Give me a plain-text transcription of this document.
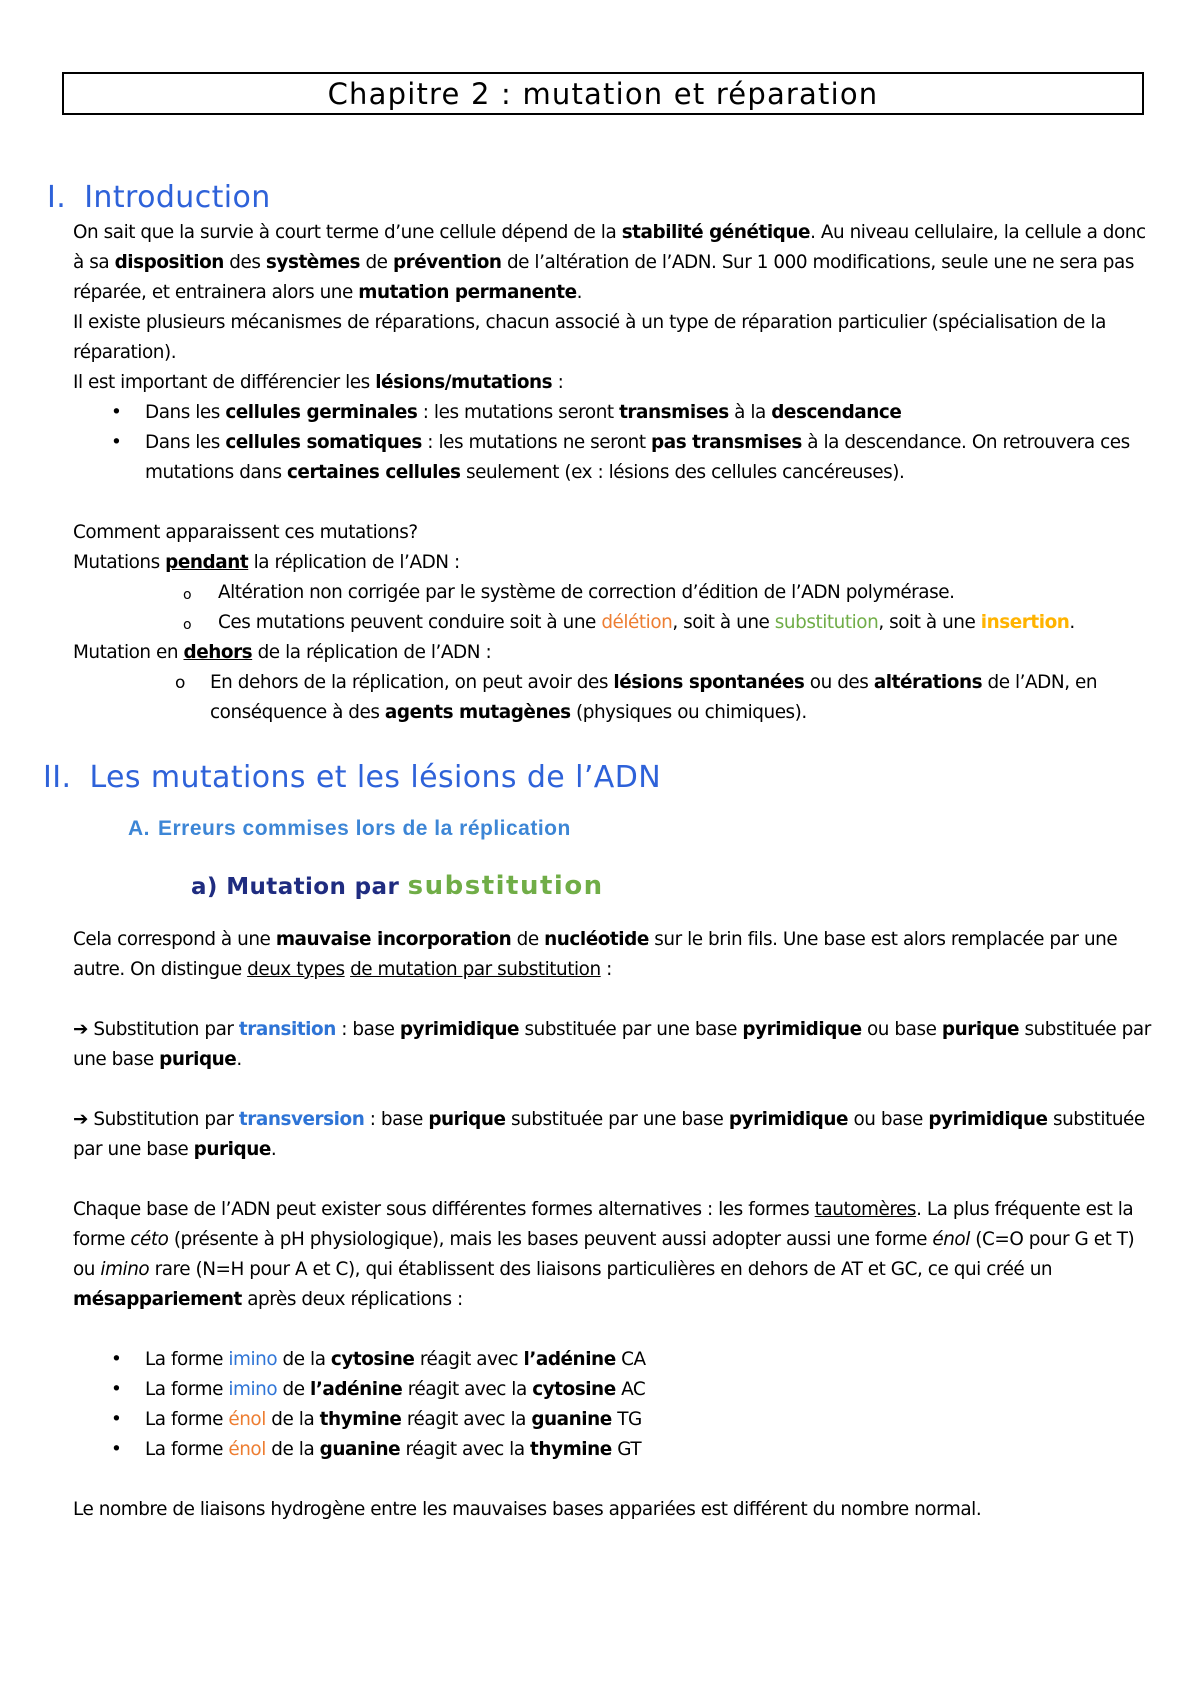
Chapitre 2 : mutation et réparation
I. Introduction

On sait que la survie à court terme d’une cellule dépend de la stabilité génétique. Au niveau cellulaire, la cellule a donc à sa disposition des systèmes de prévention de l’altération de l’ADN. Sur 1 000 modifications, seule une ne sera pas réparée, et entrainera alors une mutation permanente.

Il existe plusieurs mécanismes de réparations, chacun associé à un type de réparation particulier (spécialisation de la réparation).

Il est important de différencier les lésions/mutations :

• Dans les cellules germinales : les mutations seront transmises à la descendance
• Dans les cellules somatiques : les mutations ne seront pas transmises à la descendance. On retrouvera ces mutations dans certaines cellules seulement (ex : lésions des cellules cancéreuses).

Comment apparaissent ces mutations?

Mutations pendant la réplication de l’ADN :

o Altération non corrigée par le système de correction d’édition de l’ADN polymérase.
o Ces mutations peuvent conduire soit à une délétion, soit à une substitution, soit à une insertion.

Mutation en dehors de la réplication de l’ADN :

o En dehors de la réplication, on peut avoir des lésions spontanées ou des altérations de l’ADN, en conséquence à des agents mutagènes (physiques ou chimiques).
II. Les mutations et les lésions de l’ADN
A. Erreurs commises lors de la réplication
a) Mutation par substitution

Cela correspond à une mauvaise incorporation de nucléotide sur le brin fils. Une base est alors remplacée par une autre. On distingue deux types de mutation par substitution :

➔ Substitution par transition : base pyrimidique substituée par une base pyrimidique ou base purique substituée par une base purique.

➔ Substitution par transversion : base purique substituée par une base pyrimidique ou base pyrimidique substituée par une base purique.

Chaque base de l’ADN peut exister sous différentes formes alternatives : les formes tautomères. La plus fréquente est la forme céto (présente à pH physiologique), mais les bases peuvent aussi adopter aussi une forme énol (C=O pour G et T) ou imino rare (N=H pour A et C), qui établissent des liaisons particulières en dehors de AT et GC, ce qui créé un mésappariement après deux réplications :

• La forme imino de la cytosine réagit avec l’adénine CA
• La forme imino de l’adénine réagit avec la cytosine AC
• La forme énol de la thymine réagit avec la guanine TG
• La forme énol de la guanine réagit avec la thymine GT

Le nombre de liaisons hydrogène entre les mauvaises bases appariées est différent du nombre normal.
